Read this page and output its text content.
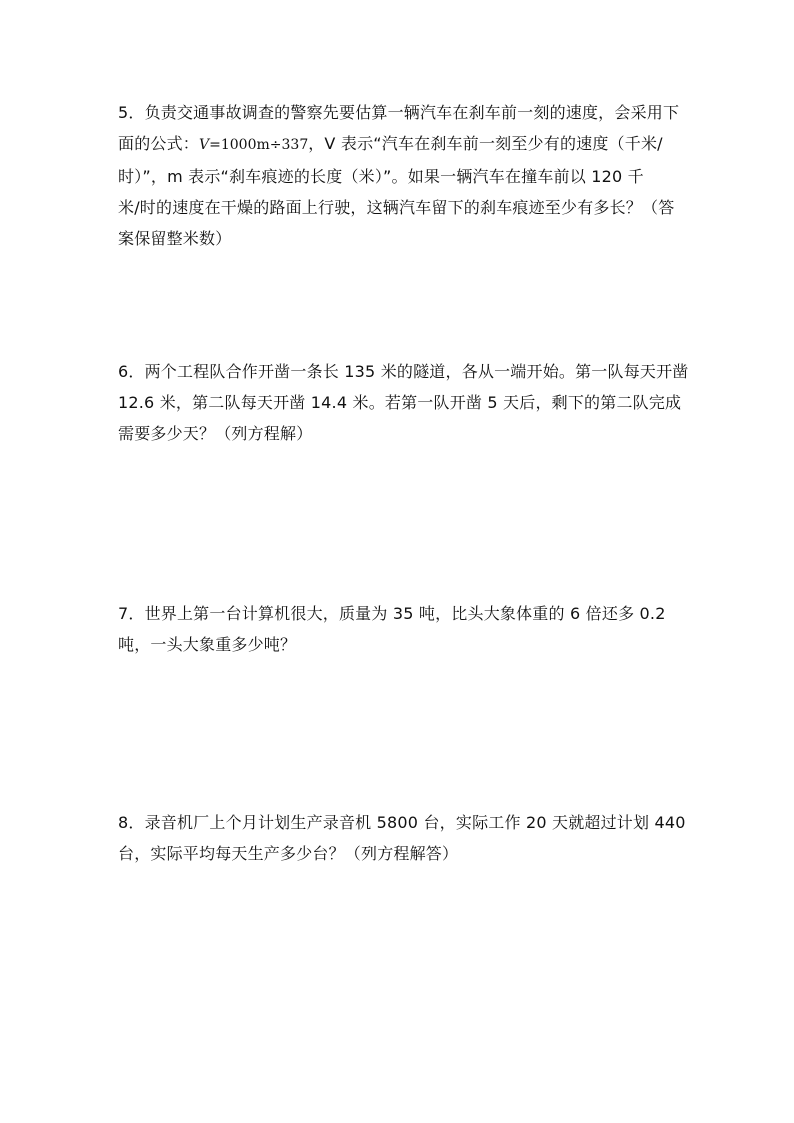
5．负责交通事故调查的警察先要估算一辆汽车在刹车前一刻的速度，会采用下
面的公式：V=1000m÷337，V 表示“汽车在刹车前一刻至少有的速度（千米/
时）”，m 表示“刹车痕迹的长度（米）”。如果一辆汽车在撞车前以 120 千
米/时的速度在干燥的路面上行驶，这辆汽车留下的刹车痕迹至少有多长？（答
案保留整米数）
6．两个工程队合作开凿一条长 135 米的隧道，各从一端开始。第一队每天开凿
12.6 米，第二队每天开凿 14.4 米。若第一队开凿 5 天后，剩下的第二队完成
需要多少天？（列方程解）
7．世界上第一台计算机很大，质量为 35 吨，比头大象体重的 6 倍还多 0.2
吨，一头大象重多少吨？
8．录音机厂上个月计划生产录音机 5800 台，实际工作 20 天就超过计划 440
台，实际平均每天生产多少台？（列方程解答）
